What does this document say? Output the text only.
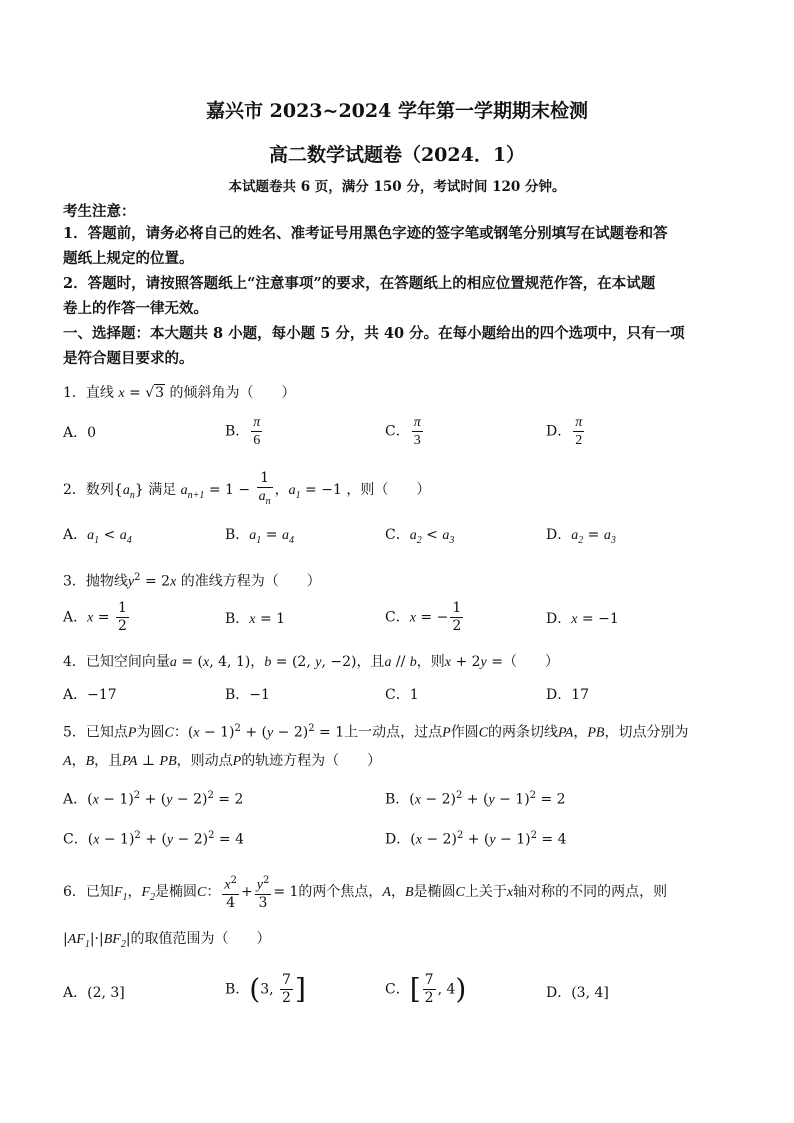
嘉兴市 2023~2024 学年第一学期期末检测
高二数学试题卷（2024．1）
本试题卷共 6 页，满分 150 分，考试时间 120 分钟。
考生注意：
1．答题前，请务必将自己的姓名、准考证号用黑色字迹的签字笔或钢笔分别填写在试题卷和答
题纸上规定的位置。
2．答题时，请按照答题纸上“注意事项”的要求，在答题纸上的相应位置规范作答，在本试题
卷上的作答一律无效。
一、选择题：本大题共 8 小题，每小题 5 分，共 40 分。在每小题给出的四个选项中，只有一项
是符合题目要求的。
1．直线 x = √3 的倾斜角为（　　）
A．0	B． $\frac{\pi}{6}$	C． $\frac{\pi}{3}$	D． $\frac{\pi}{2}$
2．数列$\{a_n\}$ 满足 $a_{n+1} = 1 - \frac{1}{a_n}$ ，$a_1 = -1$ ，则（　　）
A．$a_1 < a_4$	B．$a_1 = a_4$	C．$a_2 < a_3$	D．$a_2 = a_3$
3．抛物线$y^2 = 2x$ 的准线方程为（　　）
A．$x = \frac{1}{2}$	B．x = 1	C．x = − $\frac{1}{2}$	D．x = −1
4．已知空间向量a = (x, 4, 1)，b = (2, y, −2)，且a // b，则x + 2y =（　　）
A．−17	B．−1	C．1	D．17
5．已知点P为圆C：$(x - 1)^2 + (y - 2)^2 = 1$上一动点，过点P作圆C的两条切线PA，PB，切点分别为
A，B，且PA ⊥ PB，则动点P的轨迹方程为（　　）
A．$(x - 1)^2 + (y - 2)^2 = 2$	B．$(x - 2)^2 + (y - 1)^2 = 2$
C．$(x - 1)^2 + (y - 2)^2 = 4$	D．$(x - 2)^2 + (y - 1)^2 = 4$
6．已知$F_1$，$F_2$是椭圆C： $\frac{x^2}{4} + \frac{y^2}{3} = 1$的两个焦点，A，B是椭圆C上关于x轴对称的不同的两点，则
$|AF_1|\cdot|BF_2|$的取值范围为（　　）
A．(2, 3]	B．(3, $\frac{7}{2}$ ]	C．[ $\frac{7}{2}$ , 4)	D．(3, 4]
